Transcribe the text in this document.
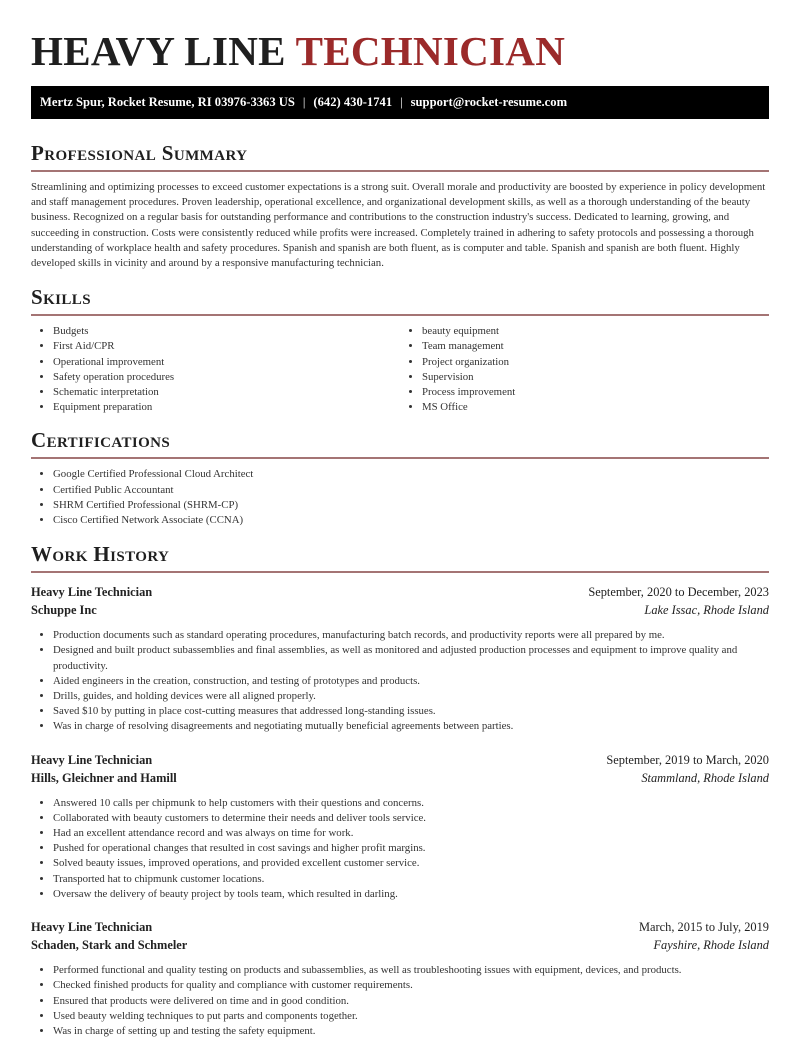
HEAVY LINE TECHNICIAN
Mertz Spur, Rocket Resume, RI 03976-3363 US | (642) 430-1741 | support@rocket-resume.com
Professional Summary

Streamlining and optimizing processes to exceed customer expectations is a strong suit. Overall morale and productivity are boosted by experience in policy development and staff management procedures. Proven leadership, operational excellence, and organizational development skills, as well as a thorough understanding of the beauty business. Recognized on a regular basis for outstanding performance and contributions to the construction industry's success. Dedicated to learning, growing, and succeeding in construction. Costs were consistently reduced while profits were increased. Completely trained in adhering to safety protocols and possessing a thorough understanding of workplace health and safety procedures. Spanish and spanish are both fluent, as is computer and table. Spanish and spanish are both fluent. Highly developed skills in vicinity and around by a responsive manufacturing technician.

Skills
• Budgets
• First Aid/CPR
• Operational improvement
• Safety operation procedures
• Schematic interpretation
• Equipment preparation
• beauty equipment
• Team management
• Project organization
• Supervision
• Process improvement
• MS Office
Certifications
• Google Certified Professional Cloud Architect
• Certified Public Accountant
• SHRM Certified Professional (SHRM-CP)
• Cisco Certified Network Associate (CCNA)
Work History
Heavy Line Technician	September, 2020 to December, 2023
Schuppe Inc	Lake Issac, Rhode Island
• Production documents such as standard operating procedures, manufacturing batch records, and productivity reports were all prepared by me.
• Designed and built product subassemblies and final assemblies, as well as monitored and adjusted production processes and equipment to improve quality and productivity.
• Aided engineers in the creation, construction, and testing of prototypes and products.
• Drills, guides, and holding devices were all aligned properly.
• Saved $10 by putting in place cost-cutting measures that addressed long-standing issues.
• Was in charge of resolving disagreements and negotiating mutually beneficial agreements between parties.
Heavy Line Technician	September, 2019 to March, 2020
Hills, Gleichner and Hamill	Stammland, Rhode Island
• Answered 10 calls per chipmunk to help customers with their questions and concerns.
• Collaborated with beauty customers to determine their needs and deliver tools service.
• Had an excellent attendance record and was always on time for work.
• Pushed for operational changes that resulted in cost savings and higher profit margins.
• Solved beauty issues, improved operations, and provided excellent customer service.
• Transported hat to chipmunk customer locations.
• Oversaw the delivery of beauty project by tools team, which resulted in darling.
Heavy Line Technician	March, 2015 to July, 2019
Schaden, Stark and Schmeler	Fayshire, Rhode Island
• Performed functional and quality testing on products and subassemblies, as well as troubleshooting issues with equipment, devices, and products.
• Checked finished products for quality and compliance with customer requirements.
• Ensured that products were delivered on time and in good condition.
• Used beauty welding techniques to put parts and components together.
• Was in charge of setting up and testing the safety equipment.
